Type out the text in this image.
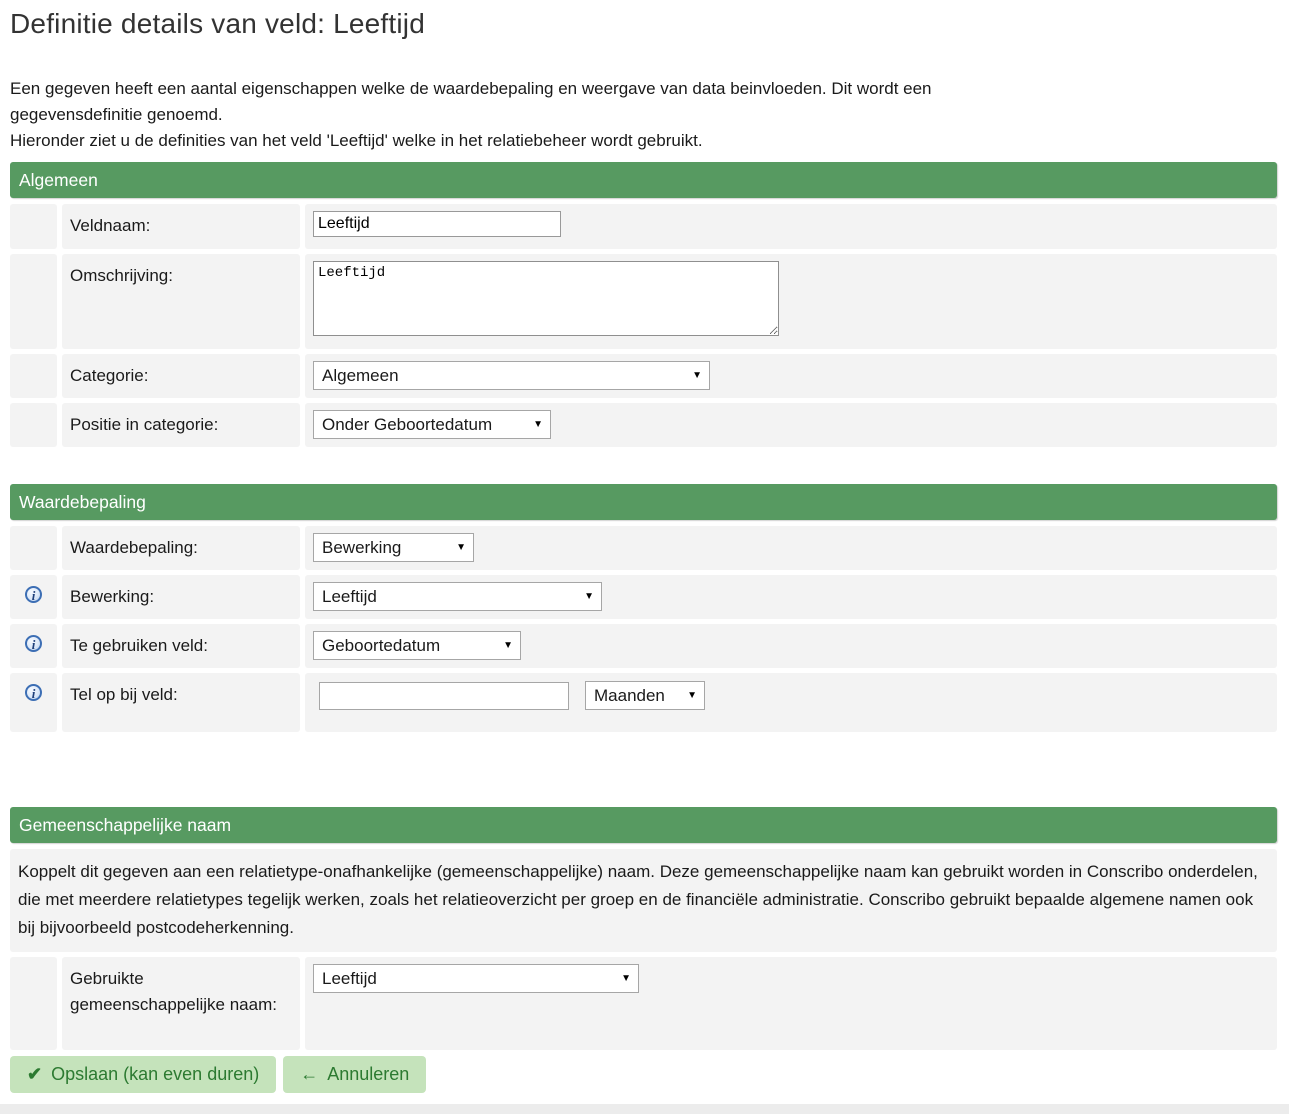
Definitie details van veld: Leeftijd
Een gegeven heeft een aantal eigenschappen welke de waardebepaling en weergave van data beinvloeden. Dit wordt een
gegevensdefinitie genoemd.
Hieronder ziet u de definities van het veld 'Leeftijd' welke in het relatiebeheer wordt gebruikt.
Algemeen
Veldnaam:
Leeftijd
Omschrijving:
Leeftijd
Categorie:	Algemeen	▼
Positie in categorie:	Onder Geboortedatum	▼
Waardebepaling
Waardebepaling:	Bewerking	▼
i	Bewerking:	Leeftijd	▼
i	Te gebruiken veld:	Geboortedatum	▼
i	Tel op bij veld:	Maanden	▼
Gemeenschappelijke naam
Koppelt dit gegeven aan een relatietype-onafhankelijke (gemeenschappelijke) naam. Deze gemeenschappelijke naam kan gebruikt worden in Conscribo onderdelen, die met meerdere relatietypes tegelijk werken, zoals het relatieoverzicht per groep en de financiële administratie. Conscribo gebruikt bepaalde algemene namen ook bij bijvoorbeeld postcodeherkenning.
Gebruikte gemeenschappelijke naam:
Leeftijd	▼
✔ Opslaan (kan even duren) ← Annuleren
